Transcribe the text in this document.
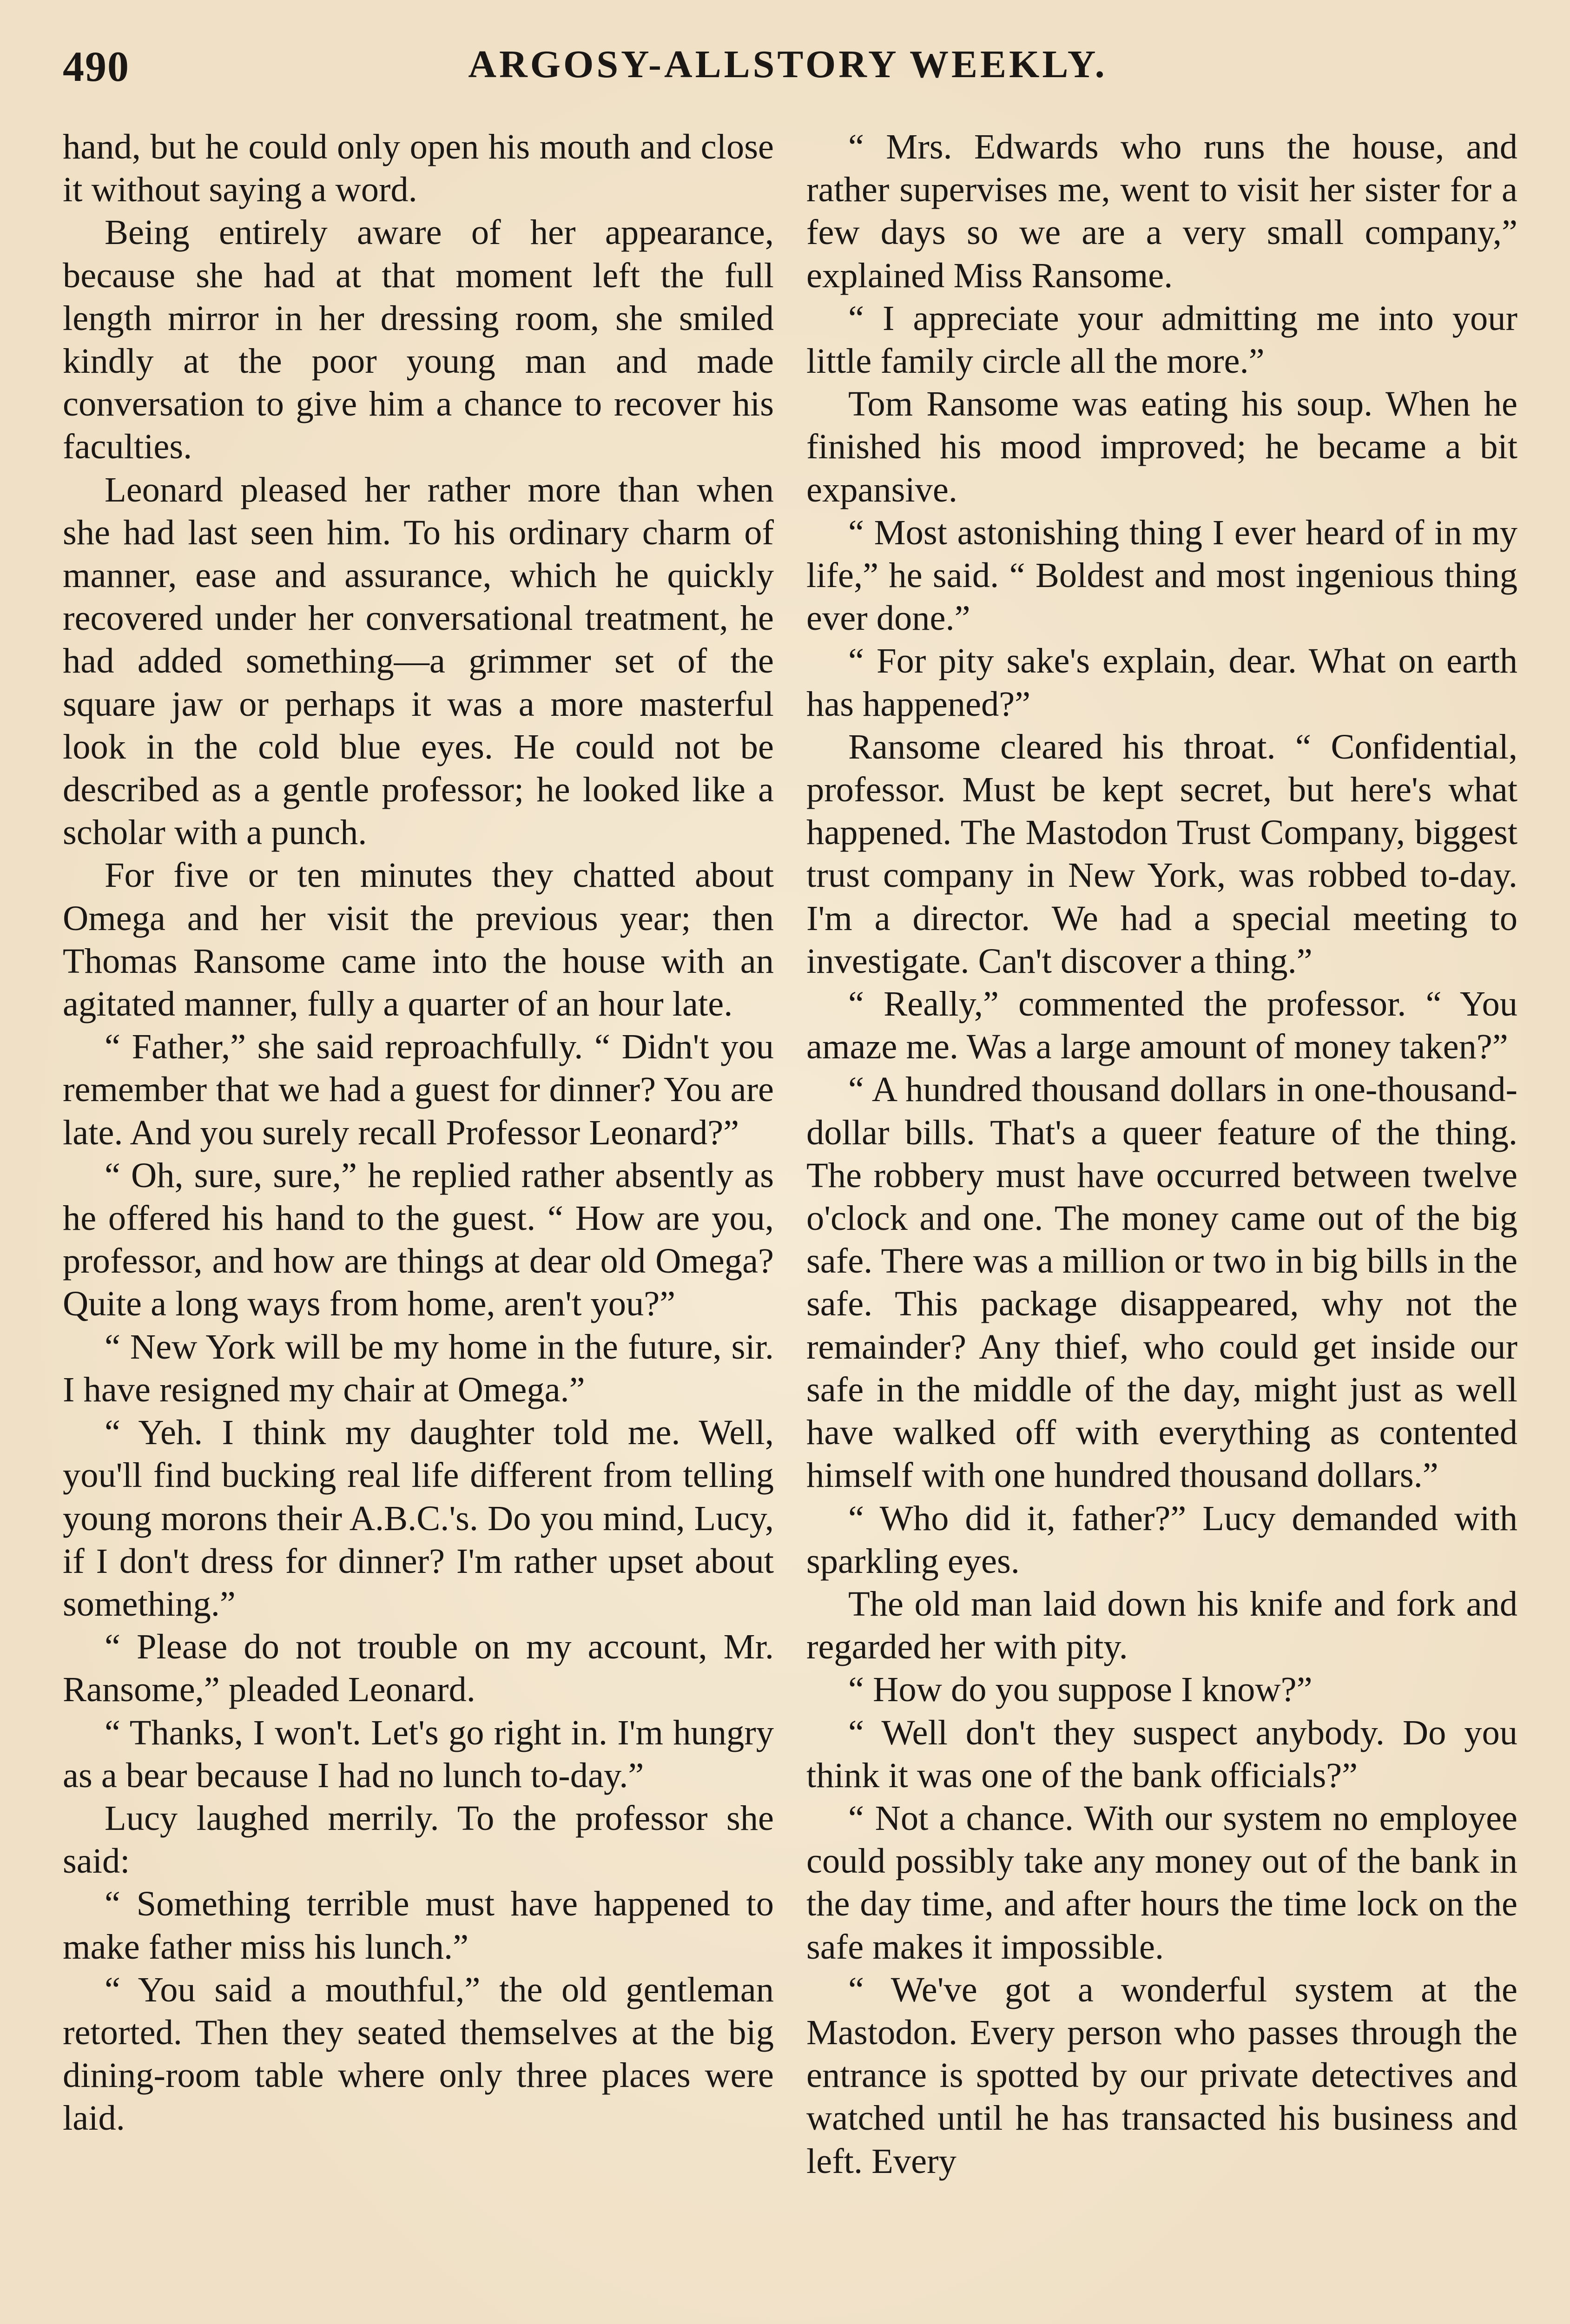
490	ARGOSY-ALLSTORY WEEKLY.

hand, but he could only open his mouth and close it without saying a word.

Being entirely aware of her appearance, because she had at that moment left the full length mirror in her dressing room, she smiled kindly at the poor young man and made conversation to give him a chance to recover his faculties.

Leonard pleased her rather more than when she had last seen him. To his ordinary charm of manner, ease and assurance, which he quickly recovered under her conversational treatment, he had added something—a grimmer set of the square jaw or perhaps it was a more masterful look in the cold blue eyes. He could not be described as a gentle professor; he looked like a scholar with a punch.

For five or ten minutes they chatted about Omega and her visit the previous year; then Thomas Ransome came into the house with an agitated manner, fully a quarter of an hour late.

“ Father,” she said reproachfully. “ Didn't you remember that we had a guest for dinner? You are late. And you surely recall Professor Leonard?”

“ Oh, sure, sure,” he replied rather absently as he offered his hand to the guest. “ How are you, professor, and how are things at dear old Omega? Quite a long ways from home, aren't you?”

“ New York will be my home in the future, sir. I have resigned my chair at Omega.”

“ Yeh. I think my daughter told me. Well, you'll find bucking real life different from telling young morons their A.B.C.'s. Do you mind, Lucy, if I don't dress for dinner? I'm rather upset about something.”

“ Please do not trouble on my account, Mr. Ransome,” pleaded Leonard.

“ Thanks, I won't. Let's go right in. I'm hungry as a bear because I had no lunch to-day.”

Lucy laughed merrily. To the professor she said:

“ Something terrible must have happened to make father miss his lunch.”

“ You said a mouthful,” the old gentleman retorted. Then they seated themselves at the big dining-room table where only three places were laid.

“ Mrs. Edwards who runs the house, and rather supervises me, went to visit her sister for a few days so we are a very small company,” explained Miss Ransome.

“ I appreciate your admitting me into your little family circle all the more.”

Tom Ransome was eating his soup. When he finished his mood improved; he became a bit expansive.

“ Most astonishing thing I ever heard of in my life,” he said. “ Boldest and most ingenious thing ever done.”

“ For pity sake's explain, dear. What on earth has happened?”

Ransome cleared his throat. “ Confidential, professor. Must be kept secret, but here's what happened. The Mastodon Trust Company, biggest trust company in New York, was robbed to-day. I'm a director. We had a special meeting to investigate. Can't discover a thing.”

“ Really,” commented the professor. “ You amaze me. Was a large amount of money taken?”

“ A hundred thousand dollars in one-thousand-dollar bills. That's a queer feature of the thing. The robbery must have occurred between twelve o'clock and one. The money came out of the big safe. There was a million or two in big bills in the safe. This package disappeared, why not the remainder? Any thief, who could get inside our safe in the middle of the day, might just as well have walked off with everything as contented himself with one hundred thousand dollars.”

“ Who did it, father?” Lucy demanded with sparkling eyes.

The old man laid down his knife and fork and regarded her with pity.

“ How do you suppose I know?”

“ Well don't they suspect anybody. Do you think it was one of the bank officials?”

“ Not a chance. With our system no employee could possibly take any money out of the bank in the day time, and after hours the time lock on the safe makes it impossible.

“ We've got a wonderful system at the Mastodon. Every person who passes through the entrance is spotted by our private detectives and watched until he has transacted his business and left. Every
